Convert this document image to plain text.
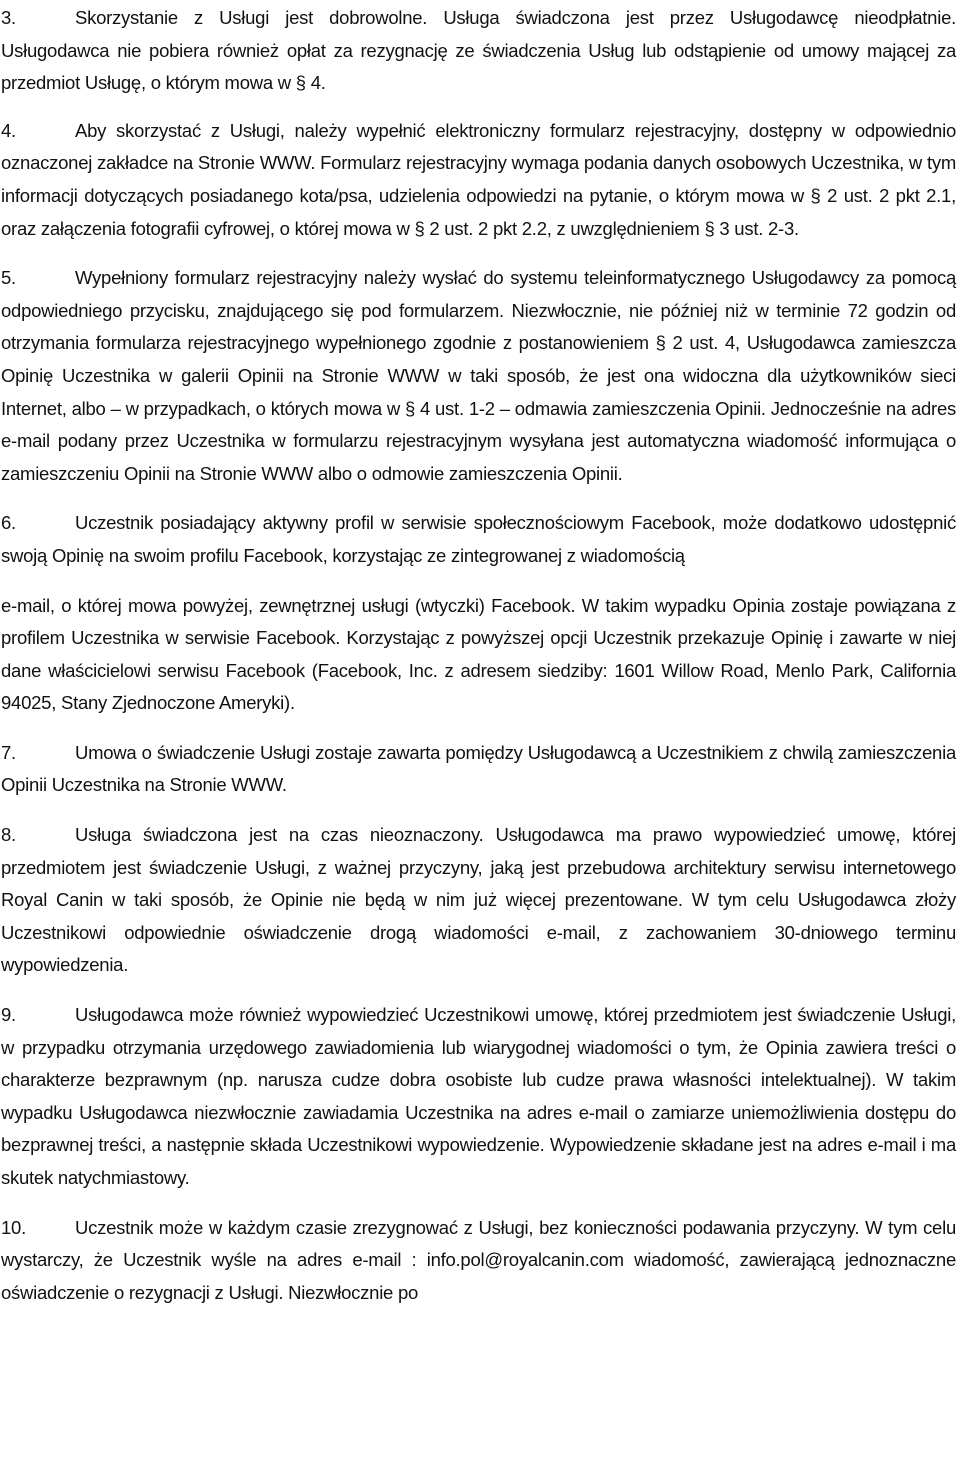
3.	Skorzystanie z Usługi jest dobrowolne. Usługa świadczona jest przez Usługodawcę nieodpłatnie. Usługodawca nie pobiera również opłat za rezygnację ze świadczenia Usług lub odstąpienie od umowy mającej za przedmiot Usługę, o którym mowa w § 4.

4.	Aby skorzystać z Usługi, należy wypełnić elektroniczny formularz rejestracyjny, dostępny w odpowiednio oznaczonej zakładce na Stronie WWW. Formularz rejestracyjny wymaga podania danych osobowych Uczestnika, w tym informacji dotyczących posiadanego kota/psa, udzielenia odpowiedzi na pytanie, o którym mowa w § 2 ust. 2 pkt 2.1, oraz załączenia fotografii cyfrowej, o której mowa w § 2 ust. 2 pkt 2.2, z uwzględnieniem § 3 ust. 2-3.

5.	Wypełniony formularz rejestracyjny należy wysłać do systemu teleinformatycznego Usługodawcy za pomocą odpowiedniego przycisku, znajdującego się pod formularzem. Niezwłocznie, nie później niż w terminie 72 godzin od otrzymania formularza rejestracyjnego wypełnionego zgodnie z postanowieniem § 2 ust. 4, Usługodawca zamieszcza Opinię Uczestnika w galerii Opinii na Stronie WWW w taki sposób, że jest ona widoczna dla użytkowników sieci Internet, albo – w przypadkach, o których mowa w § 4 ust. 1-2 – odmawia zamieszczenia Opinii. Jednocześnie na adres e-mail podany przez Uczestnika w formularzu rejestracyjnym wysyłana jest automatyczna wiadomość informująca o zamieszczeniu Opinii na Stronie WWW albo o odmowie zamieszczenia Opinii.

6.	Uczestnik posiadający aktywny profil w serwisie społecznościowym Facebook, może dodatkowo udostępnić swoją Opinię na swoim profilu Facebook, korzystając ze zintegrowanej z wiadomością

e-mail, o której mowa powyżej, zewnętrznej usługi (wtyczki) Facebook. W takim wypadku Opinia zostaje powiązana z profilem Uczestnika w serwisie Facebook. Korzystając z powyższej opcji Uczestnik przekazuje Opinię i zawarte w niej dane właścicielowi serwisu Facebook (Facebook, Inc. z adresem siedziby: 1601 Willow Road, Menlo Park, California 94025, Stany Zjednoczone Ameryki).

7.	Umowa o świadczenie Usługi zostaje zawarta pomiędzy Usługodawcą a Uczestnikiem z chwilą zamieszczenia Opinii Uczestnika na Stronie WWW.

8.	Usługa świadczona jest na czas nieoznaczony. Usługodawca ma prawo wypowiedzieć umowę, której przedmiotem jest świadczenie Usługi, z ważnej przyczyny, jaką jest przebudowa architektury serwisu internetowego Royal Canin w taki sposób, że Opinie nie będą w nim już więcej prezentowane. W tym celu Usługodawca złoży Uczestnikowi odpowiednie oświadczenie drogą wiadomości e-mail, z zachowaniem 30-dniowego terminu wypowiedzenia.

9.	Usługodawca może również wypowiedzieć Uczestnikowi umowę, której przedmiotem jest świadczenie Usługi, w przypadku otrzymania urzędowego zawiadomienia lub wiarygodnej wiadomości o tym, że Opinia zawiera treści o charakterze bezprawnym (np. narusza cudze dobra osobiste lub cudze prawa własności intelektualnej). W takim wypadku Usługodawca niezwłocznie zawiadamia Uczestnika na adres e-mail o zamiarze uniemożliwienia dostępu do bezprawnej treści, a następnie składa Uczestnikowi wypowiedzenie. Wypowiedzenie składane jest na adres e-mail i ma skutek natychmiastowy.

10.	Uczestnik może w każdym czasie zrezygnować z Usługi, bez konieczności podawania przyczyny. W tym celu wystarczy, że Uczestnik wyśle na adres e-mail : info.pol@royalcanin.com wiadomość, zawierającą jednoznaczne oświadczenie o rezygnacji z Usługi. Niezwłocznie po
